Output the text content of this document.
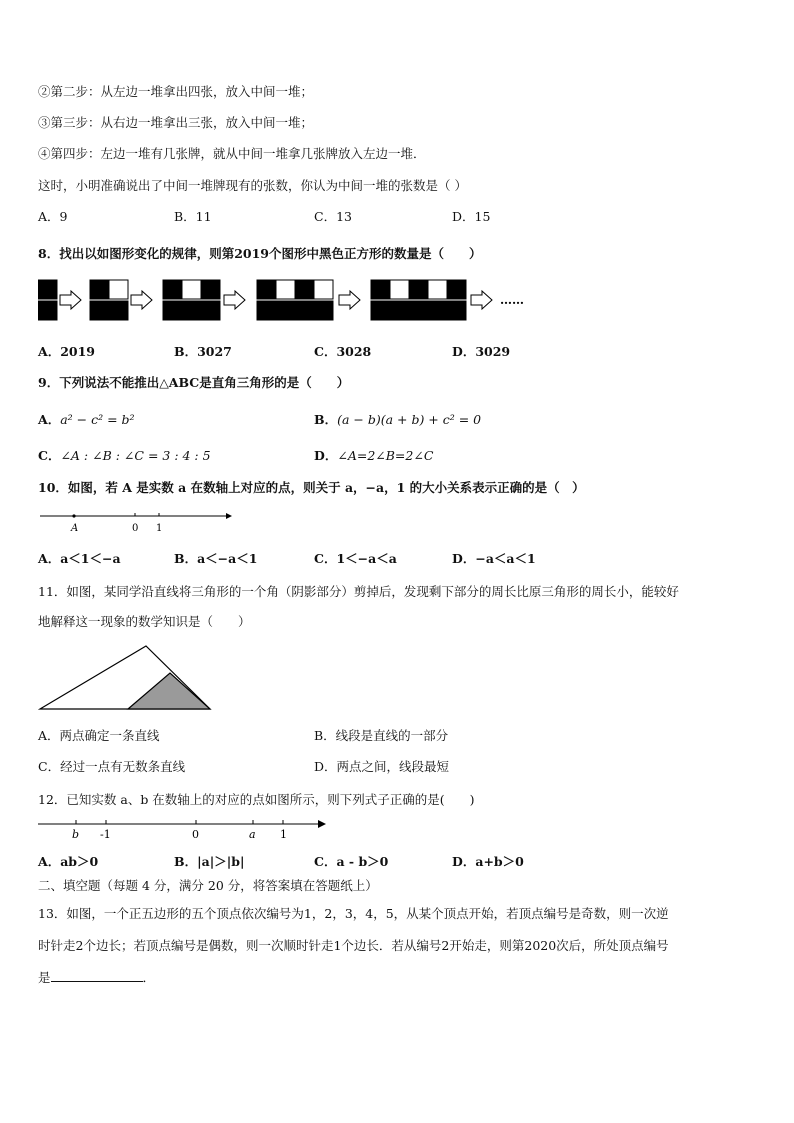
②第二步：从左边一堆拿出四张，放入中间一堆；
③第三步：从右边一堆拿出三张，放入中间一堆；
④第四步：左边一堆有几张牌，就从中间一堆拿几张牌放入左边一堆．
这时，小明准确说出了中间一堆牌现有的张数，你认为中间一堆的张数是（ ）
A．9	B．11	C．13	D．15
8．找出以如图形变化的规律，则第2019个图形中黑色正方形的数量是（　　）
……
A．2019	B．3027	C．3028	D．3029
9．下列说法不能推出△ABC是直角三角形的是（　　）
A．a² − c² = b²	B．(a − b)(a + b) + c² = 0
C．∠A : ∠B : ∠C = 3 : 4 : 5	D．∠A=2∠B=2∠C
10．如图，若 A 是实数 a 在数轴上对应的点，则关于 a，−a，1 的大小关系表示正确的是（　）
A	0 1
A．a＜1＜−a	B．a＜−a＜1	C．1＜−a＜a	D．−a＜a＜1
11．如图，某同学沿直线将三角形的一个角（阴影部分）剪掉后，发现剩下部分的周长比原三角形的周长小，能较好
地解释这一现象的数学知识是（　　）
A．两点确定一条直线	B．线段是直线的一部分
C．经过一点有无数条直线	D．两点之间，线段最短
12．已知实数 a、b 在数轴上的对应的点如图所示，则下列式子正确的是(　　)
b -1	0	a 1
A．ab＞0	B．|a|＞|b|	C．a - b＞0	D．a+b＞0
二、填空题（每题 4 分，满分 20 分，将答案填在答题纸上）
13．如图，一个正五边形的五个顶点依次编号为1，2，3，4，5，从某个顶点开始，若顶点编号是奇数，则一次逆
时针走2个边长；若顶点编号是偶数，则一次顺时针走1个边长．若从编号2开始走，则第2020次后，所处顶点编号
是	．
